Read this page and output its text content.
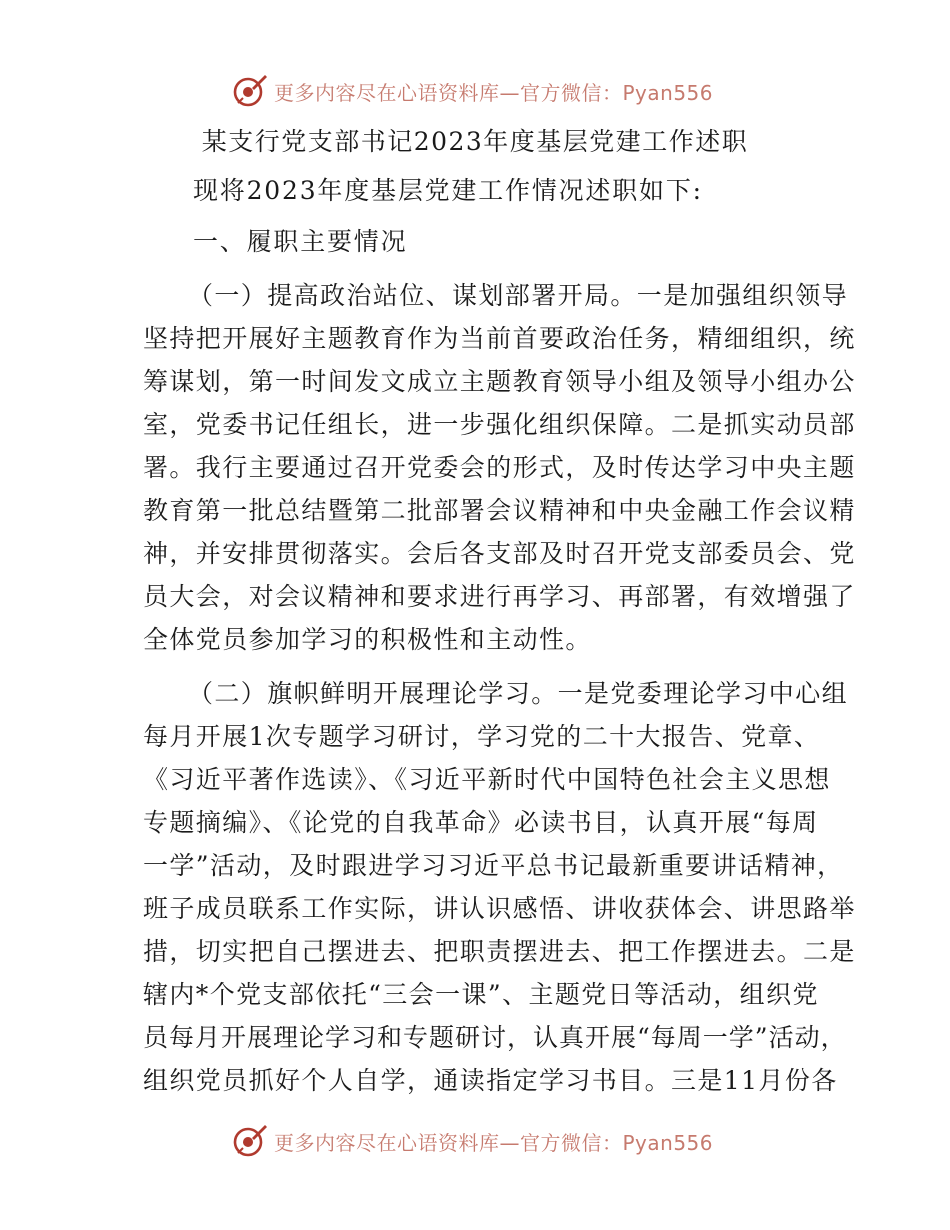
更多内容尽在心语资料库—官方微信：Pyan556
某支行党支部书记2023年度基层党建工作述职
现将2023年度基层党建工作情况述职如下:
一、履职主要情况
（一）提高政治站位、谋划部署开局。一是加强组织领导
坚持把开展好主题教育作为当前首要政治任务，精细组织，统
筹谋划，第一时间发文成立主题教育领导小组及领导小组办公
室，党委书记任组长，进一步强化组织保障。二是抓实动员部
署。我行主要通过召开党委会的形式，及时传达学习中央主题
教育第一批总结暨第二批部署会议精神和中央金融工作会议精
神，并安排贯彻落实。会后各支部及时召开党支部委员会、党
员大会，对会议精神和要求进行再学习、再部署，有效增强了
全体党员参加学习的积极性和主动性。
（二）旗帜鲜明开展理论学习。一是党委理论学习中心组
每月开展1次专题学习研讨，学习党的二十大报告、党章、
《习近平著作选读》、《习近平新时代中国特色社会主义思想
专题摘编》、《论党的自我革命》必读书目，认真开展“每周
一学”活动，及时跟进学习习近平总书记最新重要讲话精神，
班子成员联系工作实际，讲认识感悟、讲收获体会、讲思路举
措，切实把自己摆进去、把职责摆进去、把工作摆进去。二是
辖内*个党支部依托“三会一课”、主题党日等活动，组织党
员每月开展理论学习和专题研讨，认真开展“每周一学”活动，
组织党员抓好个人自学，通读指定学习书目。三是11月份各
更多内容尽在心语资料库—官方微信：Pyan556
